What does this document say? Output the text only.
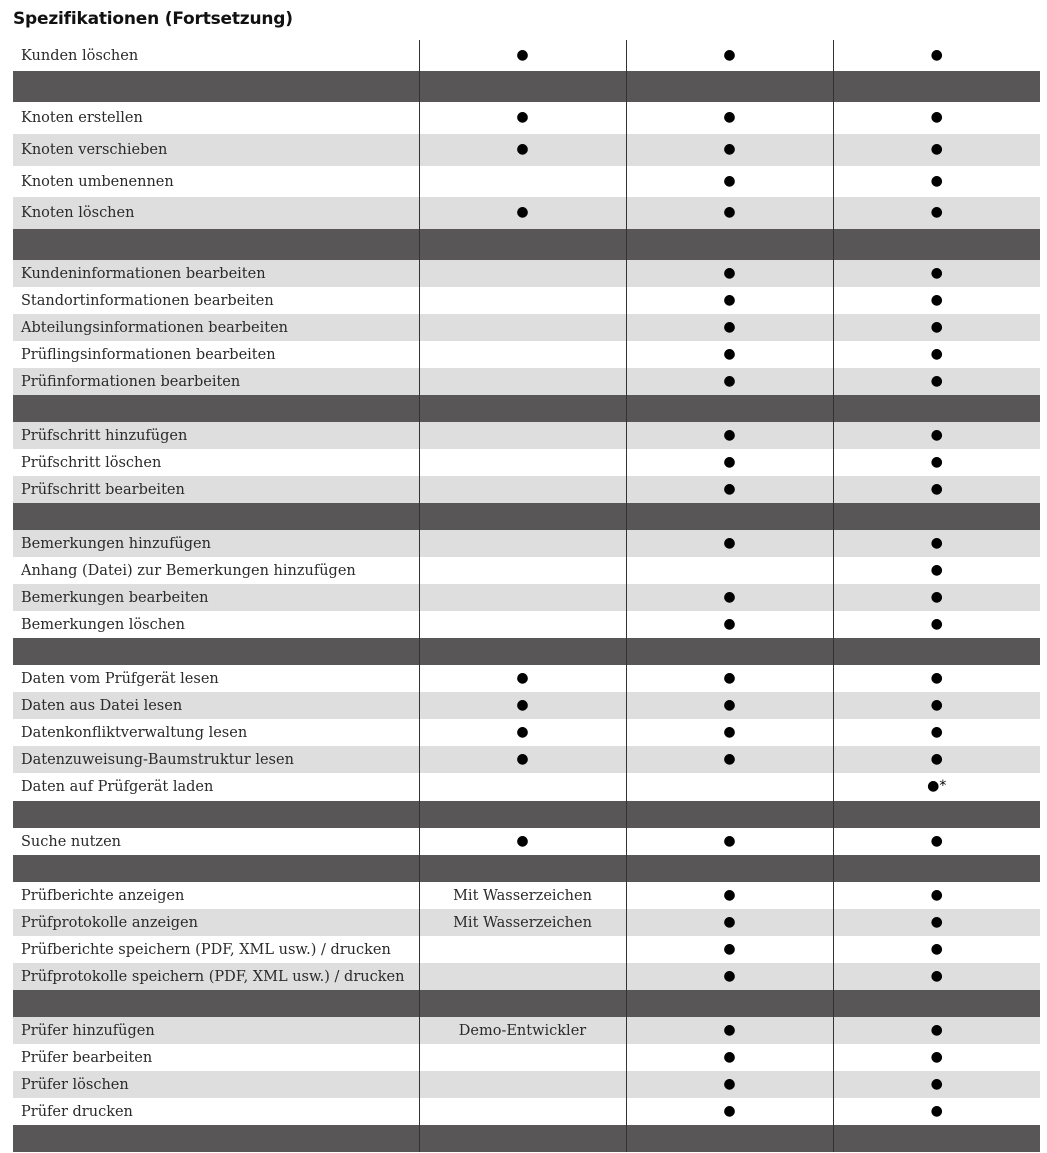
Spezifikationen (Fortsetzung)
Kunden löschen	●	●	●

Knoten erstellen	●	●	●
Knoten verschieben	●	●	●
Knoten umbenennen		●	●
Knoten löschen	●	●	●

Kundeninformationen bearbeiten		●	●
Standortinformationen bearbeiten		●	●
Abteilungsinformationen bearbeiten		●	●
Prüflingsinformationen bearbeiten		●	●
Prüfinformationen bearbeiten		●	●

Prüfschritt hinzufügen		●	●
Prüfschritt löschen		●	●
Prüfschritt bearbeiten		●	●

Bemerkungen hinzufügen		●	●
Anhang (Datei) zur Bemerkungen hinzufügen			●
Bemerkungen bearbeiten		●	●
Bemerkungen löschen		●	●

Daten vom Prüfgerät lesen	●	●	●
Daten aus Datei lesen	●	●	●
Datenkonfliktverwaltung lesen	●	●	●
Datenzuweisung-Baumstruktur lesen	●	●	●
Daten auf Prüfgerät laden			●*

Suche nutzen	●	●	●

Prüfberichte anzeigen	Mit Wasserzeichen	●	●
Prüfprotokolle anzeigen	Mit Wasserzeichen	●	●
Prüfberichte speichern (PDF, XML usw.) / drucken		●	●
Prüfprotokolle speichern (PDF, XML usw.) / drucken		●	●

Prüfer hinzufügen	Demo-Entwickler	●	●
Prüfer bearbeiten		●	●
Prüfer löschen		●	●
Prüfer drucken		●	●
